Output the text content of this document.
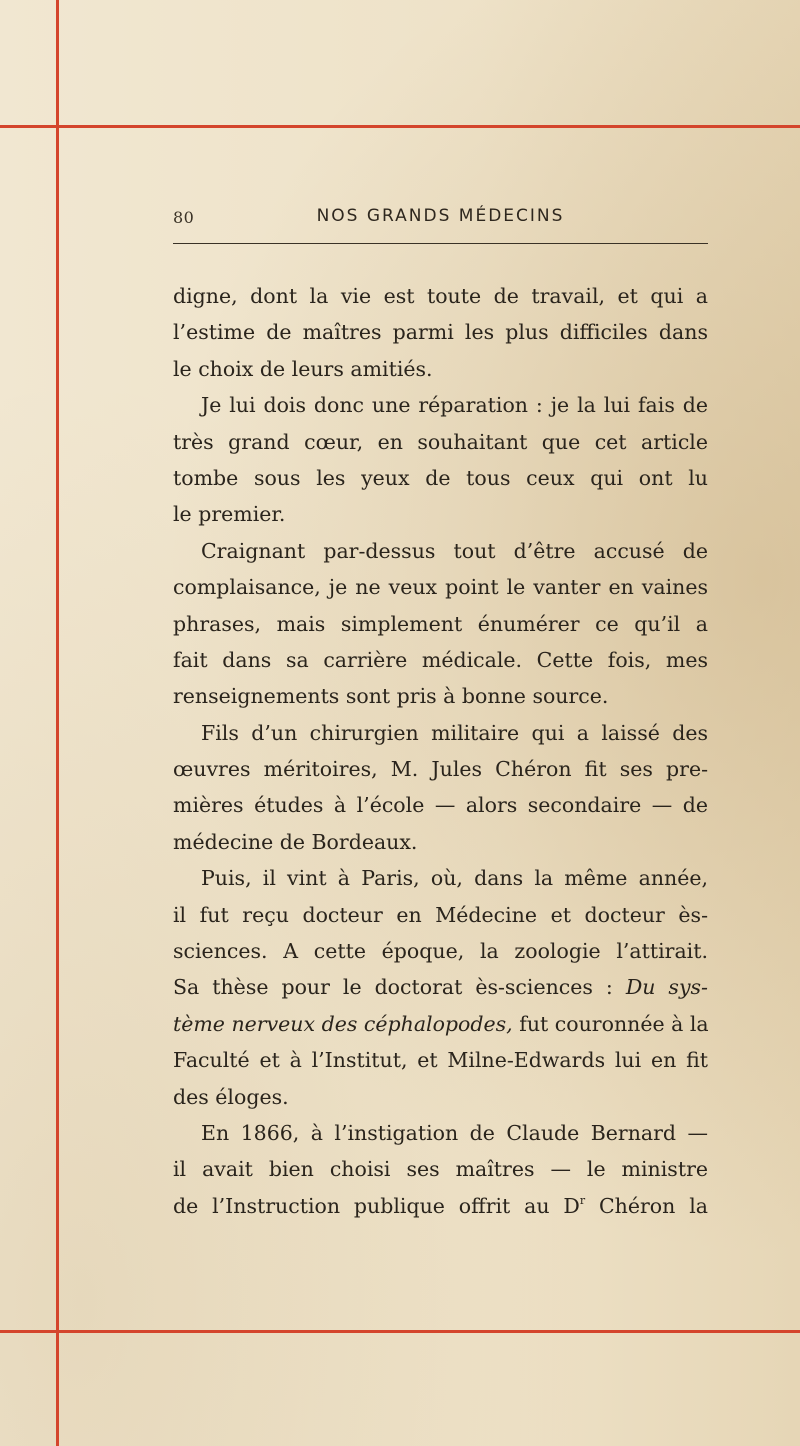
80	NOS GRANDS MÉDECINS
digne, dont la vie est toute de travail, et qui a
l’estime de maîtres parmi les plus difficiles dans
le choix de leurs amitiés.
Je lui dois donc une réparation : je la lui fais de
très grand cœur, en souhaitant que cet article
tombe sous les yeux de tous ceux qui ont lu
le premier.
Craignant par-dessus tout d’être accusé de
complaisance, je ne veux point le vanter en vaines
phrases, mais simplement énumérer ce qu’il a
fait dans sa carrière médicale. Cette fois, mes
renseignements sont pris à bonne source.
Fils d’un chirurgien militaire qui a laissé des
œuvres méritoires, M. Jules Chéron fit ses pre-
mières études à l’école — alors secondaire — de
médecine de Bordeaux.
Puis, il vint à Paris, où, dans la même année,
il fut reçu docteur en Médecine et docteur ès-
sciences. A cette époque, la zoologie l’attirait.
Sa thèse pour le doctorat ès-sciences : Du sys-
tème nerveux des céphalopodes, fut couronnée à la
Faculté et à l’Institut, et Milne-Edwards lui en fit
des éloges.
En 1866, à l’instigation de Claude Bernard —
il avait bien choisi ses maîtres — le ministre
de l’Instruction publique offrit au $D^r$ Chéron la
